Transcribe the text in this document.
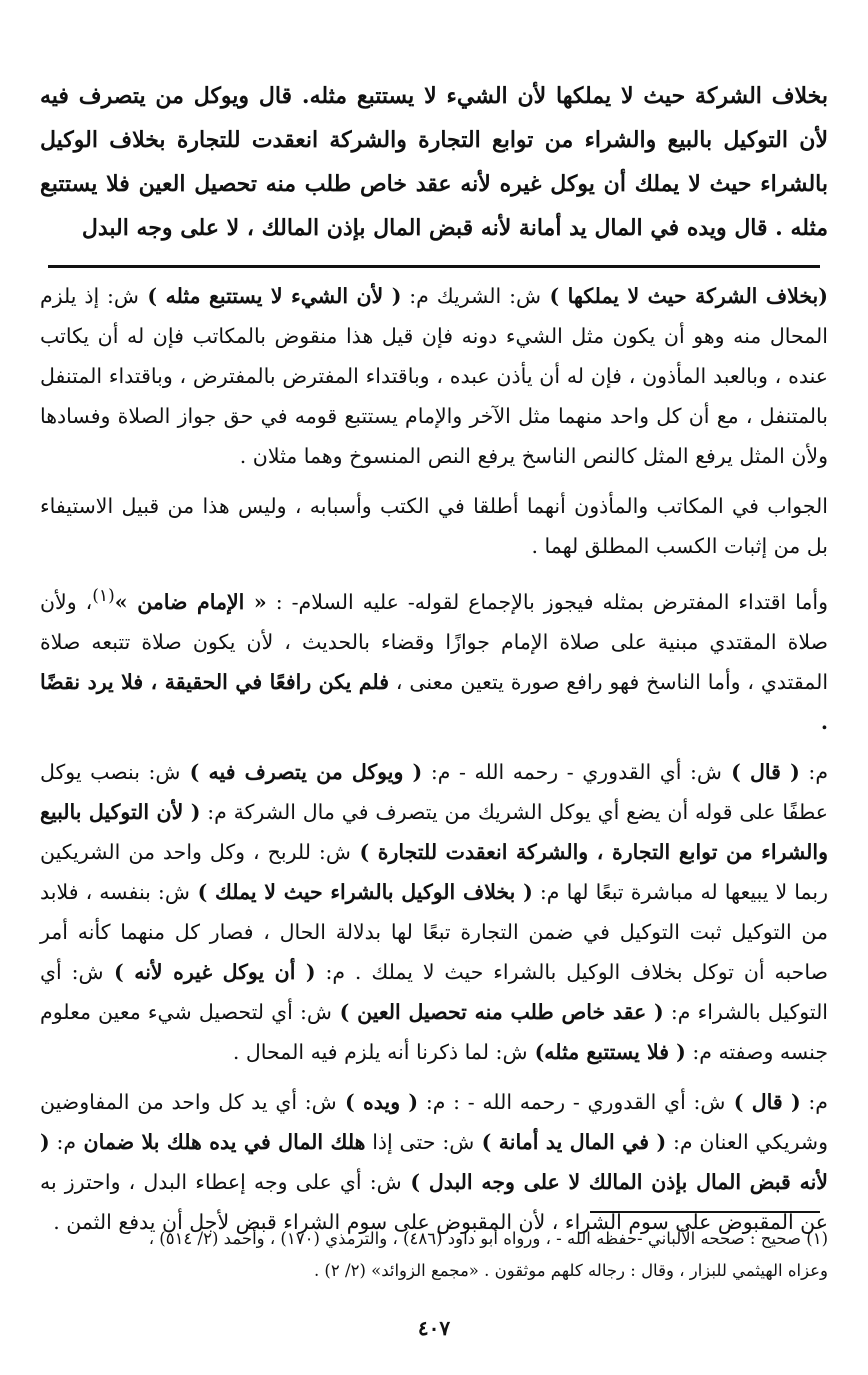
بخلاف الشركة حيث لا يملكها لأن الشيء لا يستتبع مثله. قال ويوكل من يتصرف فيه لأن التوكيل بالبيع والشراء من توابع التجارة والشركة انعقدت للتجارة بخلاف الوكيل بالشراء حيث لا يملك أن يوكل غيره لأنه عقد خاص طلب منه تحصيل العين فلا يستتبع مثله . قال ويده في المال يد أمانة لأنه قبض المال بإذن المالك ، لا على وجه البدل

(بخلاف الشركة حيث لا يملكها ) ش: الشريك م: ( لأن الشيء لا يستتبع مثله ) ش: إذ يلزم المحال منه وهو أن يكون مثل الشيء دونه فإن قيل هذا منقوض بالمكاتب فإن له أن يكاتب عنده ، وبالعبد المأذون ، فإن له أن يأذن عبده ، وباقتداء المفترض بالمفترض ، وباقتداء المتنفل بالمتنفل ، مع أن كل واحد منهما مثل الآخر والإمام يستتبع قومه في حق جواز الصلاة وفسادها ولأن المثل يرفع المثل كالنص الناسخ يرفع النص المنسوخ وهما مثلان .

الجواب في المكاتب والمأذون أنهما أطلقا في الكتب وأسبابه ، وليس هذا من قبيل الاستيفاء بل من إثبات الكسب المطلق لهما .

وأما اقتداء المفترض بمثله فيجوز بالإجماع لقوله- عليه السلام- : « الإمام ضامن »$^{(١)}$، ولأن صلاة المقتدي مبنية على صلاة الإمام جوازًا وقضاء بالحديث ، لأن يكون صلاة تتبعه صلاة المقتدي ، وأما الناسخ فهو رافع صورة يتعين معنى ، فلم يكن رافعًا في الحقيقة ، فلا يرد نقضًا .

م: ( قال ) ش: أي القدوري - رحمه الله - م: ( ويوكل من يتصرف فيه ) ش: بنصب يوكل عطفًا على قوله أن يضع أي يوكل الشريك من يتصرف في مال الشركة م: ( لأن التوكيل بالبيع والشراء من توابع التجارة ، والشركة انعقدت للتجارة ) ش: للربح ، وكل واحد من الشريكين ربما لا يبيعها له مباشرة تبعًا لها م: ( بخلاف الوكيل بالشراء حيث لا يملك ) ش: بنفسه ، فلابد من التوكيل ثبت التوكيل في ضمن التجارة تبعًا لها بدلالة الحال ، فصار كل منهما كأنه أمر صاحبه أن توكل بخلاف الوكيل بالشراء حيث لا يملك . م: ( أن يوكل غيره لأنه ) ش: أي التوكيل بالشراء م: ( عقد خاص طلب منه تحصيل العين ) ش: أي لتحصيل شيء معين معلوم جنسه وصفته م: ( فلا يستتبع مثله) ش: لما ذكرنا أنه يلزم فيه المحال .

م: ( قال ) ش: أي القدوري - رحمه الله - : م: ( ويده ) ش: أي يد كل واحد من المفاوضين وشريكي العنان م: ( في المال يد أمانة ) ش: حتى إذا هلك المال في يده هلك بلا ضمان م: ( لأنه قبض المال بإذن المالك لا على وجه البدل ) ش: أي على وجه إعطاء البدل ، واحترز به عن المقبوض على سوم الشراء ، لأن المقبوض على سوم الشراء قبض لأجل أن يدفع الثمن .

(١) صحيح : صححه الألباني -حفظه الله - ، ورواه أبو داود (٤٨٦) ، والترمذي (١٧٠) ، وأحمد (٢/ ٥١٤) ،

وعزاه الهيثمي للبزار ، وقال : رجاله كلهم موثقون . «مجمع الزوائد» (٢/ ٢) .

٤٠٧
